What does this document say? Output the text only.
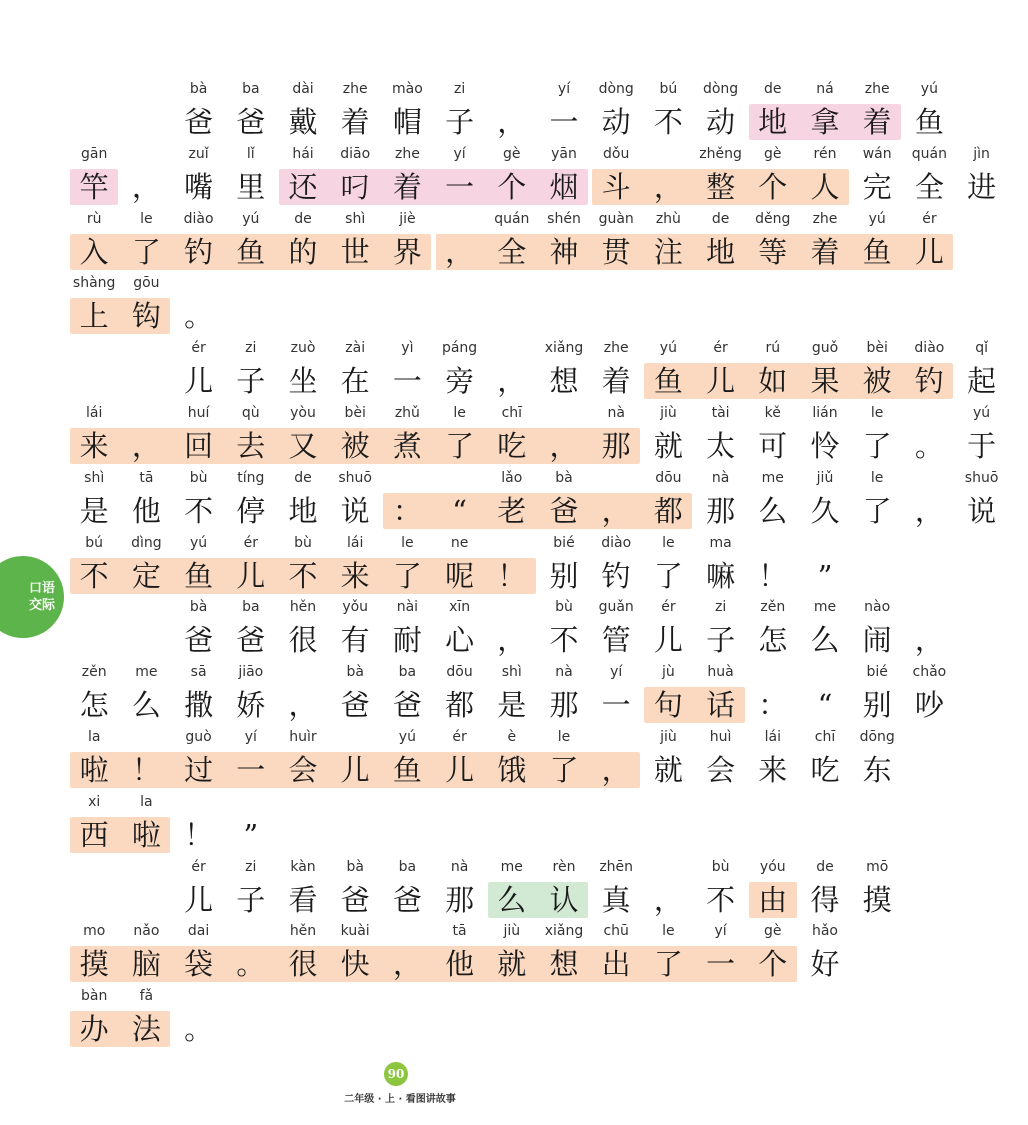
bà
爸
ba
爸
dài
戴
zhe
着
mào
帽
zi
子 ，
yí
一
dòng
动
bú
不
dòng
动
de
地
ná
拿
zhe
着
yú
鱼
gān
竿 ，
zuǐ
嘴
lǐ
里
hái
还
diāo
叼
zhe
着
yí
一
gè
个
yān
烟
dǒu
斗 ，
zhěng
整
gè
个
rén
人
wán
完
quán
全
jìn
进
rù
入
le
了
diào
钓
yú
鱼
de
的
shì
世
jiè
界 ，
quán
全
shén
神
guàn
贯
zhù
注
de
地
děng
等
zhe
着
yú
鱼
ér
儿
shàng
上
gōu
钩 。
ér
儿
zi
子
zuò
坐
zài
在
yì
一
páng
旁 ，
xiǎng
想
zhe
着
yú
鱼
ér
儿
rú
如
guǒ
果
bèi
被
diào
钓
qǐ
起
lái
来 ，
huí
回
qù
去
yòu
又
bèi
被
zhǔ
煮
le
了
chī
吃 ，
nà
那
jiù
就
tài
太
kě
可
lián
怜
le
了 。
yú
于
shì
是
tā
他
bù
不
tíng
停
de
地
shuō
说 ：	“
lǎo
老
bà
爸 ，
dōu
都
nà
那
me
么
jiǔ
久
le
了 ，
shuō
说
bú
不
dìng
定
yú
鱼
ér
儿
bù
不
lái
来
le
了
ne
呢 ！
bié
别
diào
钓
le
了
ma
嘛 ！	”
bà
爸
ba
爸
hěn
很
yǒu
有
nài
耐
xīn
心 ，
bù
不
guǎn
管
ér
儿
zi
子
zěn
怎
me
么
nào
闹 ，
zěn
怎
me
么
sā
撒
jiāo
娇 ，
bà
爸
ba
爸
dōu
都
shì
是
nà
那
yí
一
jù
句
huà
话 ：	“
bié
别
chǎo
吵
la
啦 ！
guò
过
yí
一
huìr
会 儿
yú
鱼
ér
儿
è
饿
le
了 ，
jiù
就
huì
会
lái
来
chī
吃
dōng
东
xi
西
la
啦 ！	”
ér
儿
zi
子
kàn
看
bà
爸
ba
爸
nà
那
me
么
rèn
认
zhēn
真 ，
bù
不
yóu
由
de
得
mō
摸
mo
摸
nǎo
脑
dai
袋 。
hěn
很
kuài
快 ，
tā
他
jiù
就
xiǎng
想
chū
出
le
了
yí
一
gè
个
hǎo
好
bàn
办
fǎ
法 。
口语
交际
90
二年级 · 上 · 看图讲故事
